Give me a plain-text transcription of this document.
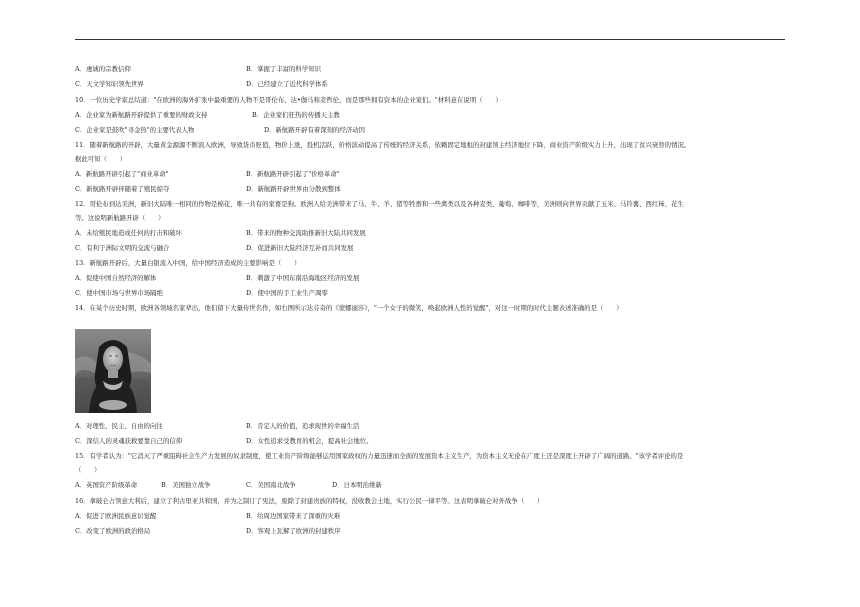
A．虔诚的宗教信仰	B．掌握了丰富的科学知识
C．天文学知识领先世界	D．已经建立了近代科学体系
10．一位历史学家总结道："在欧洲的海外扩张中最重要的人物不是哥伦布、达•伽马和麦哲伦，而是那些拥有资本的企业家们。"材料意在说明（　　）
A．企业家为新航路开辟提供了重要的财政支持	B．企业家们狂热的传播天主教
C．企业家是鼓吹"寻金热"的主要代表人物	D．新航路开辟有着深刻的经济动因
11．随着新航路的开辟，大量黄金源源不断流入欧洲，导致货币贬值，物价上涨，投机活跃，价格波动提高了传统的经济关系，依赖固定地租的封建领主经济地位下降，商业资产阶级实力上升，出现了贫兴衰替的情况。
据此可知（　　）
A．新航路开辟引起了"商业革命"	B．新航路开辟引起了"价格革命"
C．新航路开辟伴随着了殖民掠夺	D．新航路开辟世界由分散到整体
12．哥伦布到达美洲，新旧大陆唯一相同的作物是棉花，唯一共有的家畜是狗。欧洲人给美洲带来了马、牛、羊、猪等牲畜和一些禽类以及各种麦类、葡萄、咖啡等，美洲则向世界贡献了玉米、马铃薯、西红柿、花生
等。这说明新航路开辟（　　）
A．未给殖民地造成任何的打击和破坏	B．带来的物种交流助推新旧大陆共同发展
C．有利于洲际文明的交流与融合	D．促进新旧大陆经济互补而共同发展
13．新航路开辟后，大量白银流入中国，给中国经济造成的主要影响是（　　）
A．促使中国自然经济的解体	B．刺激了中国东南沿海地区经济的发展
C．使中国市场与世界市场隔绝	D．使中国的手工业生产凋零
14．在某个历史时期，欧洲各领域名家辈出，他们留下大量传世名作，如右图所示达芬奇的《蒙娜丽莎》，"一个女子的微笑，唤起欧洲人性的觉醒"，对这一时期的时代主题表述准确的是（　　）
A．对理性、民主、自由的向往	B．肯定人的价值，追求现世的幸福生活
C．深信人的灵魂获救要靠自己的信仰	D．女性追求受教育的机会，提高社会地位。
15．有学者认为："它消灭了严重阻碍社会生产力发展的奴隶制度，使工业资产阶级能够运用国家政权的力量迅速而全面的发展资本主义生产，为资本主义无论在广度上还是深度上开辟了广阔的道路。"该学者评论的是
（　　）
A．英国资产阶级革命	B．美国独立战争	C．美国南北战争	D．日本明治维新
16．拿破仑占领意大利后，建立了利古里亚共和国，并为之制订了宪法，废除了封建贵族的特权，没收教会土地，实行公民一律平等。这表明拿破仑对外战争（　　）
A．促进了欧洲民族意识觉醒	B．给周边国家带来了深重的灾难
C．改变了欧洲的政治格局	D．客观上瓦解了欧洲的封建秩序
